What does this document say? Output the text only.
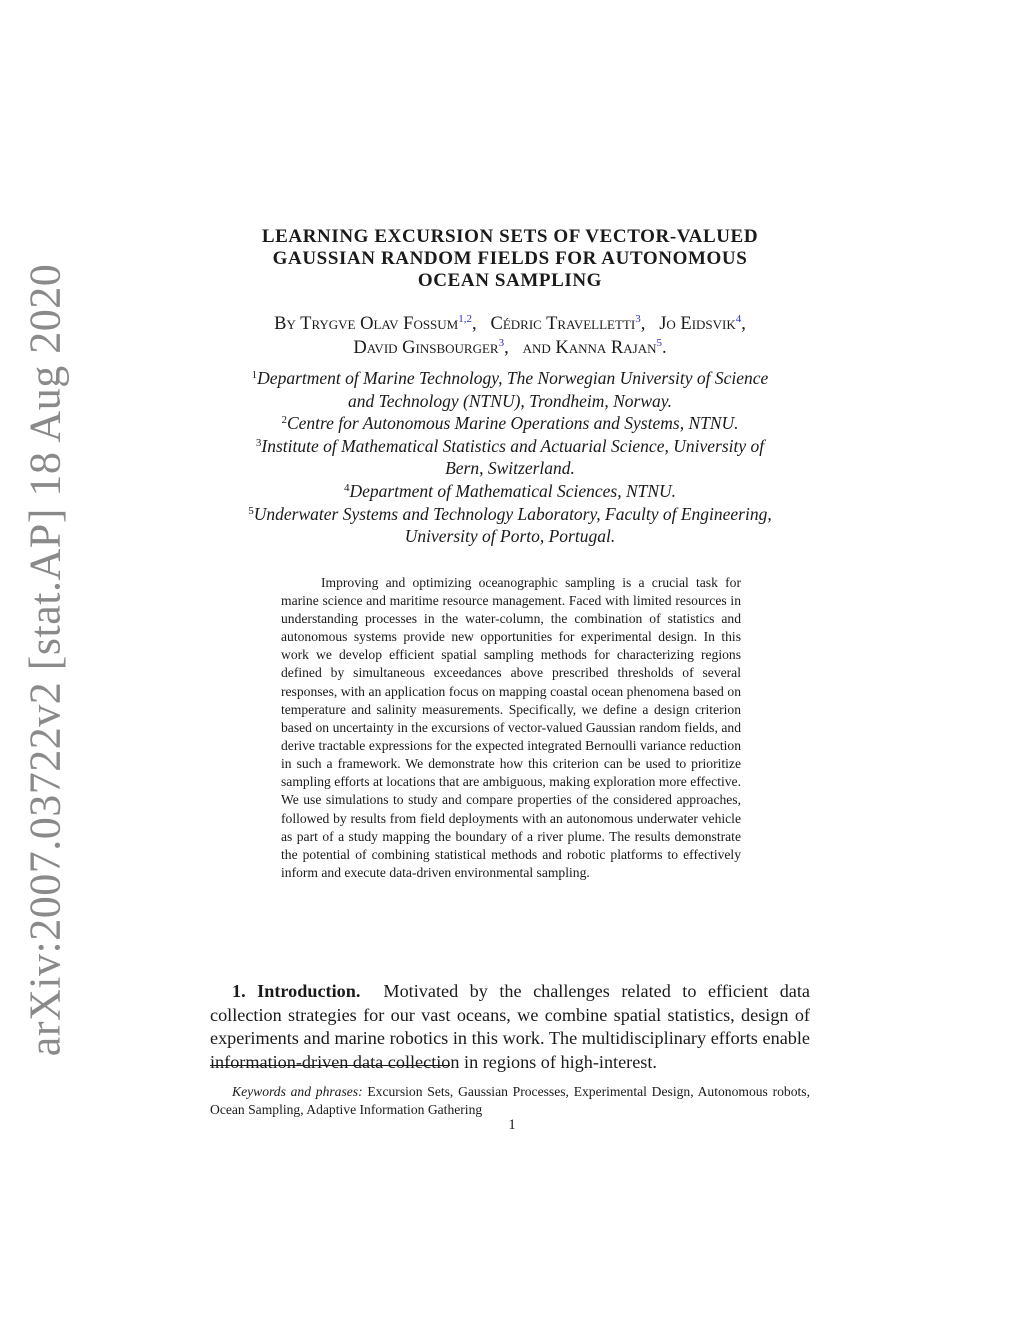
arXiv:2007.03722v2 [stat.AP] 18 Aug 2020
LEARNING EXCURSION SETS OF VECTOR-VALUED
GAUSSIAN RANDOM FIELDS FOR AUTONOMOUS
OCEAN SAMPLING
By Trygve Olav Fossum$^{1,2}$,   Cédric Travelletti$^3$,   Jo Eidsvik$^4$,
David Ginsbourger$^3$,   and Kanna Rajan$^5$.
$^1$Department of Marine Technology, The Norwegian University of Science
and Technology (NTNU), Trondheim, Norway.
$^2$Centre for Autonomous Marine Operations and Systems, NTNU.
$^3$Institute of Mathematical Statistics and Actuarial Science, University of
Bern, Switzerland.
$^4$Department of Mathematical Sciences, NTNU.
$^5$Underwater Systems and Technology Laboratory, Faculty of Engineering,
University of Porto, Portugal.

Improving and optimizing oceanographic sampling is a crucial task for marine science and maritime resource management. Faced with limited resources in understanding processes in the water-column, the combination of statistics and autonomous systems provide new opportunities for experimental design. In this work we develop efficient spatial sampling methods for characterizing regions defined by simultaneous exceedances above prescribed thresholds of several responses, with an application focus on mapping coastal ocean phenomena based on temperature and salinity measurements. Specifically, we define a design criterion based on uncertainty in the excursions of vector-valued Gaussian random fields, and derive tractable expressions for the expected integrated Bernoulli variance reduction in such a framework. We demonstrate how this criterion can be used to prioritize sampling efforts at locations that are ambiguous, making exploration more effective. We use simulations to study and compare properties of the considered approaches, followed by results from field deployments with an autonomous underwater vehicle as part of a study mapping the boundary of a river plume. The results demonstrate the potential of combining statistical methods and robotic platforms to effectively inform and execute data-driven environmental sampling.

1. Introduction. Motivated by the challenges related to efficient data collection strategies for our vast oceans, we combine spatial statistics, design of experiments and marine robotics in this work. The multidisciplinary efforts enable information-driven data collection in regions of high-interest.

Keywords and phrases: Excursion Sets, Gaussian Processes, Experimental Design, Autonomous robots, Ocean Sampling, Adaptive Information Gathering

1
